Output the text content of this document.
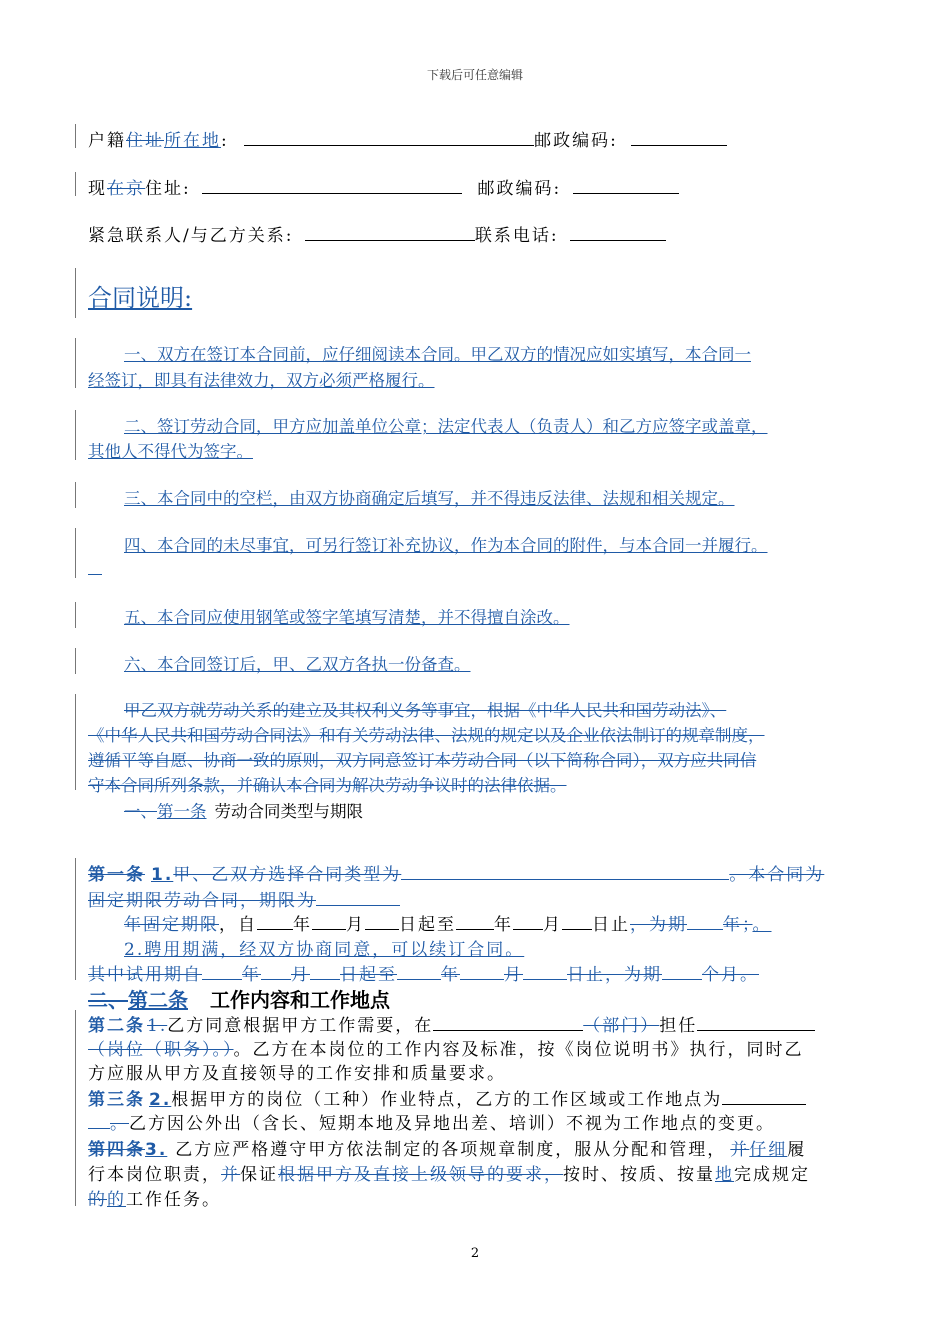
下载后可任意编辑
户籍住址所在地:	邮政编码:
现在京住址:	邮政编码:
紧急联系人/与乙方关系:	联系电话:
合同说明:
一、双方在签订本合同前，应仔细阅读本合同。甲乙双方的情况应如实填写，本合同一
经签订，即具有法律效力，双方必须严格履行。
二、签订劳动合同，甲方应加盖单位公章；法定代表人（负责人）和乙方应签字或盖章，
其他人不得代为签字。
三、本合同中的空栏，由双方协商确定后填写，并不得违反法律、法规和相关规定。
四、本合同的未尽事宜，可另行签订补充协议，作为本合同的附件，与本合同一并履行。
五、本合同应使用钢笔或签字笔填写清楚，并不得擅自涂改。
六、本合同签订后，甲、乙双方各执一份备查。
甲乙双方就劳动关系的建立及其权利义务等事宜，根据《中华人民共和国劳动法》、
《中华人民共和国劳动合同法》和有关劳动法律、法规的规定以及企业依法制订的规章制度，
遵循平等自愿、协商一致的原则，双方同意签订本劳动合同（以下简称合同），双方应共同信
守本合同所列条款，并确认本合同为解决劳动争议时的法律依据。
一、第一条 劳动合同类型与期限
第一条 1.甲、乙双方选择合同类型为	。本合同为
固定期限劳动合同，期限为
年固定期限，自 年 月 日起至 年 月 日止，为期 年；。
2.聘用期满，经双方协商同意，可以续订合同。
其中试用期自 年 月 日起至	年	月	日止，为期 个月。
二、第二条 工作内容和工作地点
第二条 1.乙方同意根据甲方工作需要，在	（部门）担任
（岗位（职务）。）。乙方在本岗位的工作内容及标准，按《岗位说明书》执行，同时乙
方应服从甲方及直接领导的工作安排和质量要求。
第三条 2.根据甲方的岗位（工种）作业特点，乙方的工作区域或工作地点为
。乙方因公外出（含长、短期本地及异地出差、培训）不视为工作地点的变更。
第四条3. 乙方应严格遵守甲方依法制定的各项规章制度，服从分配和管理， 并仔细履
行本岗位职责，并保证根据甲方及直接上级领导的要求，按时、按质、按量地完成规定
的的工作任务。
2
